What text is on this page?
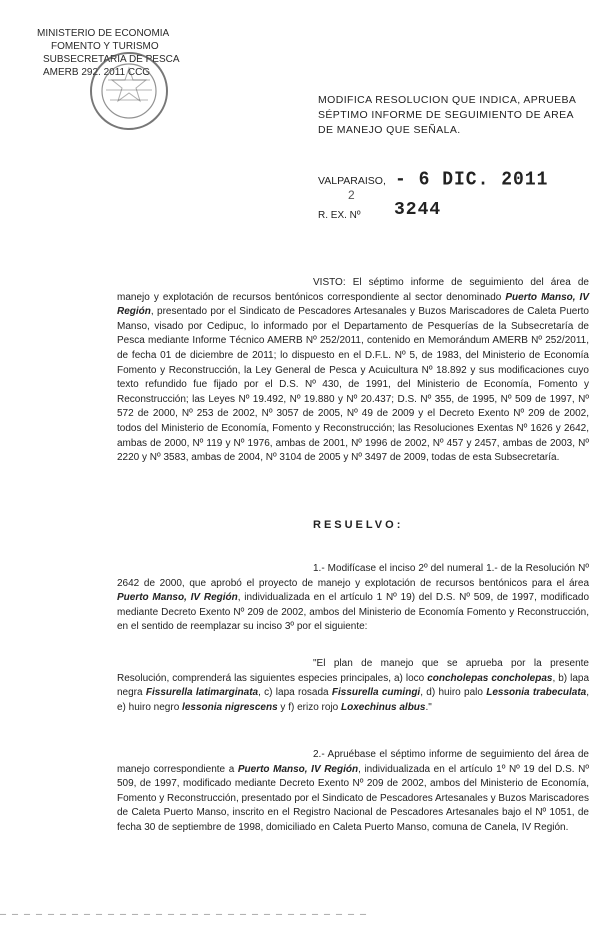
MINISTERIO DE ECONOMIA
FOMENTO Y TURISMO
SUBSECRETARIA DE PESCA
AMERB 292. 2011 CCG
MODIFICA RESOLUCION QUE INDICA, APRUEBA SÉPTIMO INFORME DE SEGUIMIENTO DE AREA DE MANEJO QUE SEÑALA.
VALPARAISO, - 6 DIC. 2011
2
R. EX. Nº 3244
VISTO: El séptimo informe de seguimiento del área de manejo y explotación de recursos bentónicos correspondiente al sector denominado Puerto Manso, IV Región, presentado por el Sindicato de Pescadores Artesanales y Buzos Mariscadores de Caleta Puerto Manso, visado por Cedipuc, lo informado por el Departamento de Pesquerías de la Subsecretaría de Pesca mediante Informe Técnico AMERB Nº 252/2011, contenido en Memorándum AMERB Nº 252/2011, de fecha 01 de diciembre de 2011; lo dispuesto en el D.F.L. Nº 5, de 1983, del Ministerio de Economía Fomento y Reconstrucción, la Ley General de Pesca y Acuicultura Nº 18.892 y sus modificaciones cuyo texto refundido fue fijado por el D.S. Nº 430, de 1991, del Ministerio de Economía, Fomento y Reconstrucción; las Leyes Nº 19.492, Nº 19.880 y Nº 20.437; D.S. Nº 355, de 1995, Nº 509 de 1997, Nº 572 de 2000, Nº 253 de 2002, Nº 3057 de 2005, Nº 49 de 2009 y el Decreto Exento Nº 209 de 2002, todos del Ministerio de Economía, Fomento y Reconstrucción; las Resoluciones Exentas Nº 1626 y 2642, ambas de 2000, Nº 119 y Nº 1976, ambas de 2001, Nº 1996 de 2002, Nº 457 y 2457, ambas de 2003, Nº 2220 y Nº 3583, ambas de 2004, Nº 3104 de 2005 y Nº 3497 de 2009, todas de esta Subsecretaría.
RESUELVO:
1.- Modifícase el inciso 2º del numeral 1.- de la Resolución Nº 2642 de 2000, que aprobó el proyecto de manejo y explotación de recursos bentónicos para el área Puerto Manso, IV Región, individualizada en el artículo 1 Nº 19) del D.S. Nº 509, de 1997, modificado mediante Decreto Exento Nº 209 de 2002, ambos del Ministerio de Economía Fomento y Reconstrucción, en el sentido de reemplazar su inciso 3º por el siguiente:
"El plan de manejo que se aprueba por la presente Resolución, comprenderá las siguientes especies principales, a) loco concholepas concholepas, b) lapa negra Fissurella latimarginata, c) lapa rosada Fissurella cumingi, d) huiro palo Lessonia trabeculata, e) huiro negro lessonia nigrescens y f) erizo rojo Loxechinus albus."
2.- Apruébase el séptimo informe de seguimiento del área de manejo correspondiente a Puerto Manso, IV Región, individualizada en el artículo 1º Nº 19 del D.S. Nº 509, de 1997, modificado mediante Decreto Exento Nº 209 de 2002, ambos del Ministerio de Economía, Fomento y Reconstrucción, presentado por el Sindicato de Pescadores Artesanales y Buzos Mariscadores de Caleta Puerto Manso, inscrito en el Registro Nacional de Pescadores Artesanales bajo el Nº 1051, de fecha 30 de septiembre de 1998, domiciliado en Caleta Puerto Manso, comuna de Canela, IV Región.
— — — — — — — — — — — — — — — — — — — — — — — — — — — — — — —
